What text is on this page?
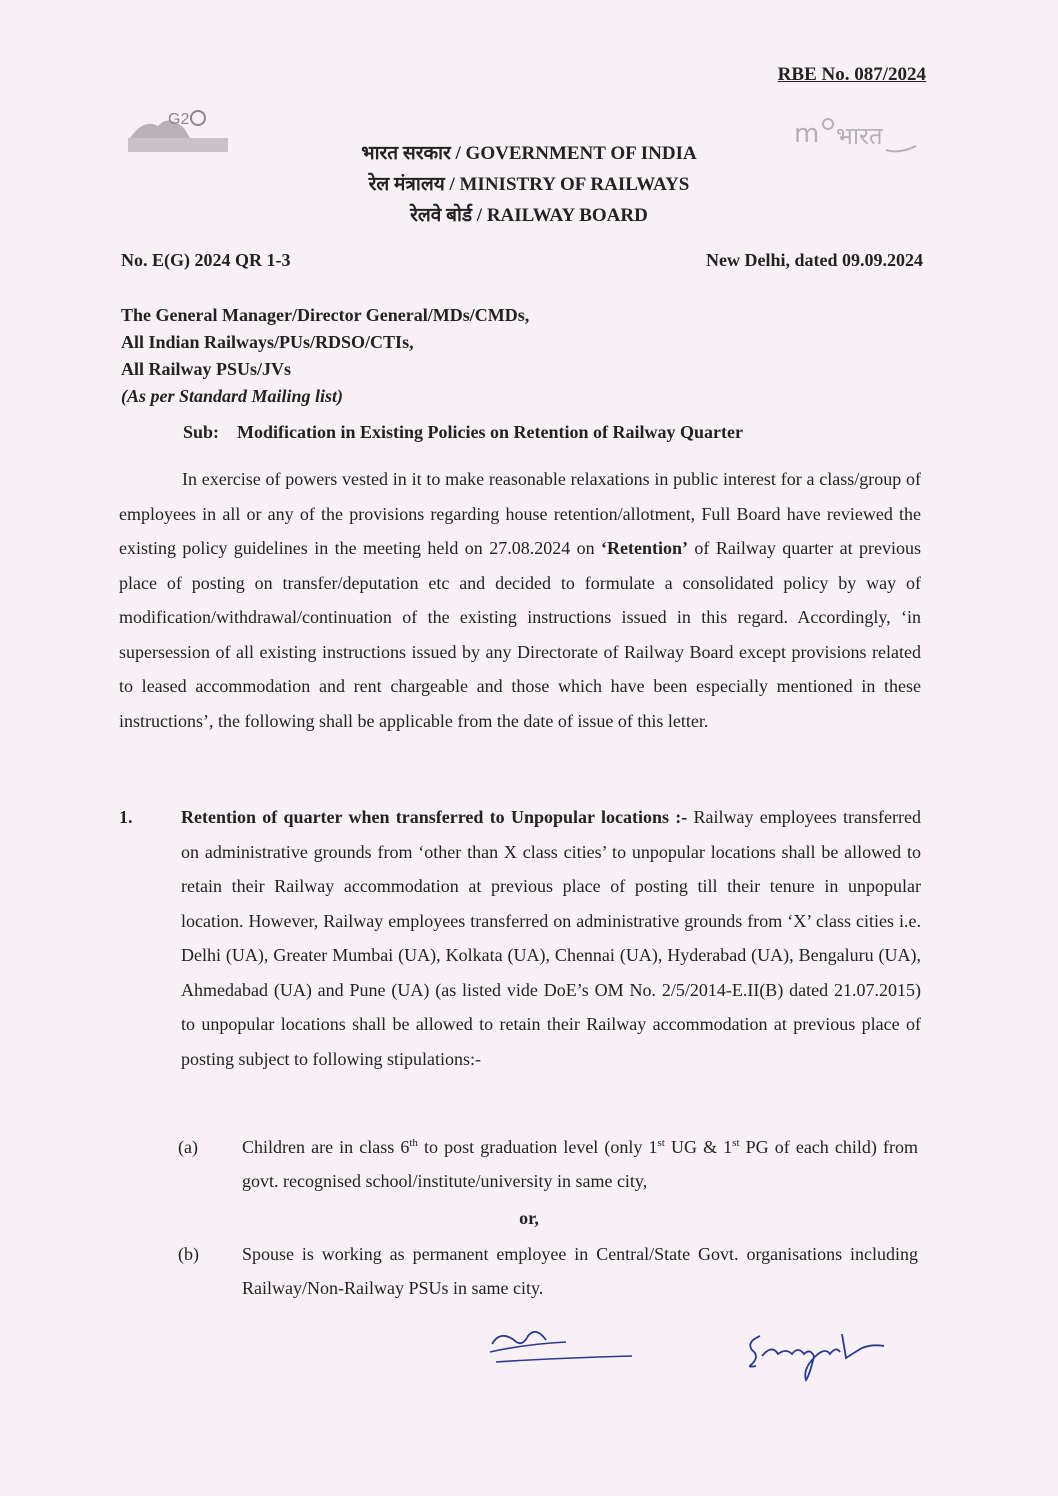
RBE No. 087/2024
G2	m भारत
भारत सरकार / GOVERNMENT OF INDIA
रेल मंत्रालय / MINISTRY OF RAILWAYS
रेलवे बोर्ड / RAILWAY BOARD
No. E(G) 2024 QR 1-3	New Delhi, dated 09.09.2024
The General Manager/Director General/MDs/CMDs,
All Indian Railways/PUs/RDSO/CTIs,
All Railway PSUs/JVs
(As per Standard Mailing list)
Sub: Modification in Existing Policies on Retention of Railway Quarter
In exercise of powers vested in it to make reasonable relaxations in public interest for a class/group of employees in all or any of the provisions regarding house retention/allotment, Full Board have reviewed the existing policy guidelines in the meeting held on 27.08.2024 on ‘Retention’ of Railway quarter at previous place of posting on transfer/deputation etc and decided to formulate a consolidated policy by way of modification/withdrawal/continuation of the existing instructions issued in this regard. Accordingly, ‘in supersession of all existing instructions issued by any Directorate of Railway Board except provisions related to leased accommodation and rent chargeable and those which have been especially mentioned in these instructions’, the following shall be applicable from the date of issue of this letter.
1.	Retention of quarter when transferred to Unpopular locations :- Railway employees transferred on administrative grounds from ‘other than X class cities’ to unpopular locations shall be allowed to retain their Railway accommodation at previous place of posting till their tenure in unpopular location. However, Railway employees transferred on administrative grounds from ‘X’ class cities i.e. Delhi (UA), Greater Mumbai (UA), Kolkata (UA), Chennai (UA), Hyderabad (UA), Bengaluru (UA), Ahmedabad (UA) and Pune (UA) (as listed vide DoE’s OM No. 2/5/2014-E.II(B) dated 21.07.2015) to unpopular locations shall be allowed to retain their Railway accommodation at previous place of posting subject to following stipulations:-
(a) Children are in class 6th to post graduation level (only 1st UG & 1st PG of each child) from govt. recognised school/institute/university in same city,
or,
(b) Spouse is working as permanent employee in Central/State Govt. organisations including Railway/Non-Railway PSUs in same city.
